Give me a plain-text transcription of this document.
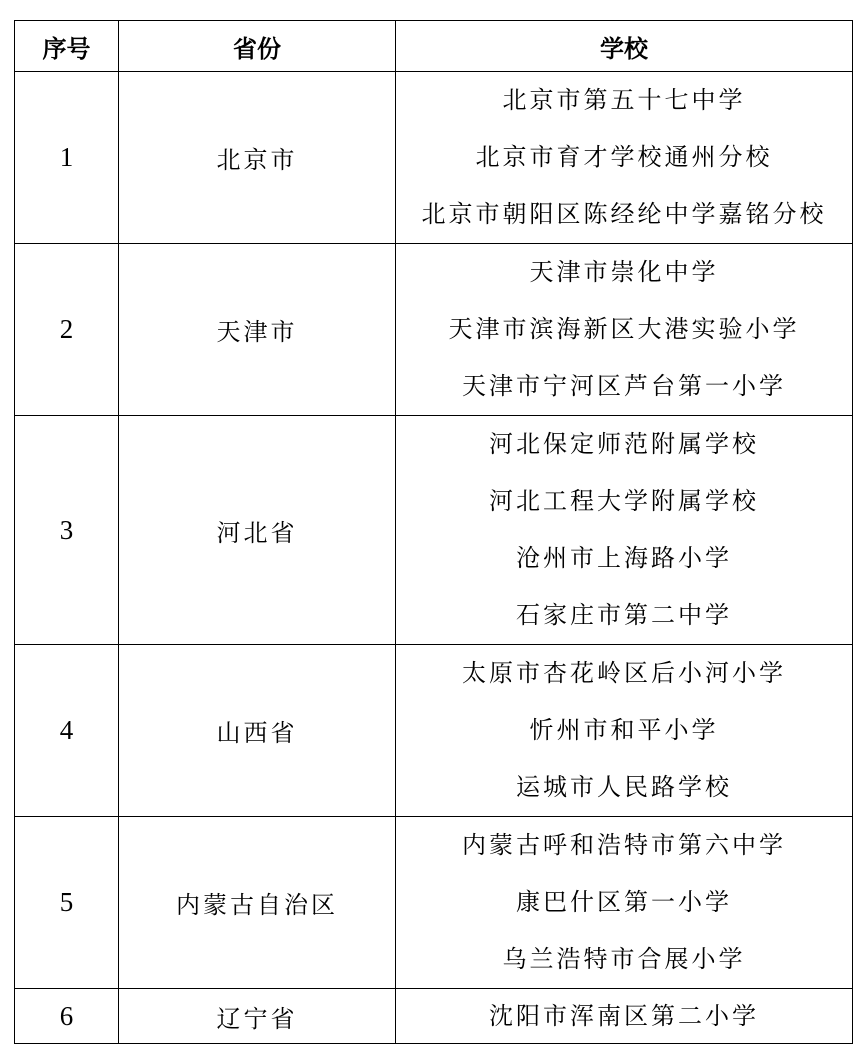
序号	省份	学校
1	北京市	北京市第五十七中学
北京市育才学校通州分校
北京市朝阳区陈经纶中学嘉铭分校

2	天津市	天津市崇化中学
天津市滨海新区大港实验小学
天津市宁河区芦台第一小学

3	河北省	河北保定师范附属学校
河北工程大学附属学校
沧州市上海路小学
石家庄市第二中学

4	山西省	太原市杏花岭区后小河小学
忻州市和平小学
运城市人民路学校

5	内蒙古自治区	内蒙古呼和浩特市第六中学
康巴什区第一小学
乌兰浩特市合展小学

6	辽宁省	沈阳市浑南区第二小学
